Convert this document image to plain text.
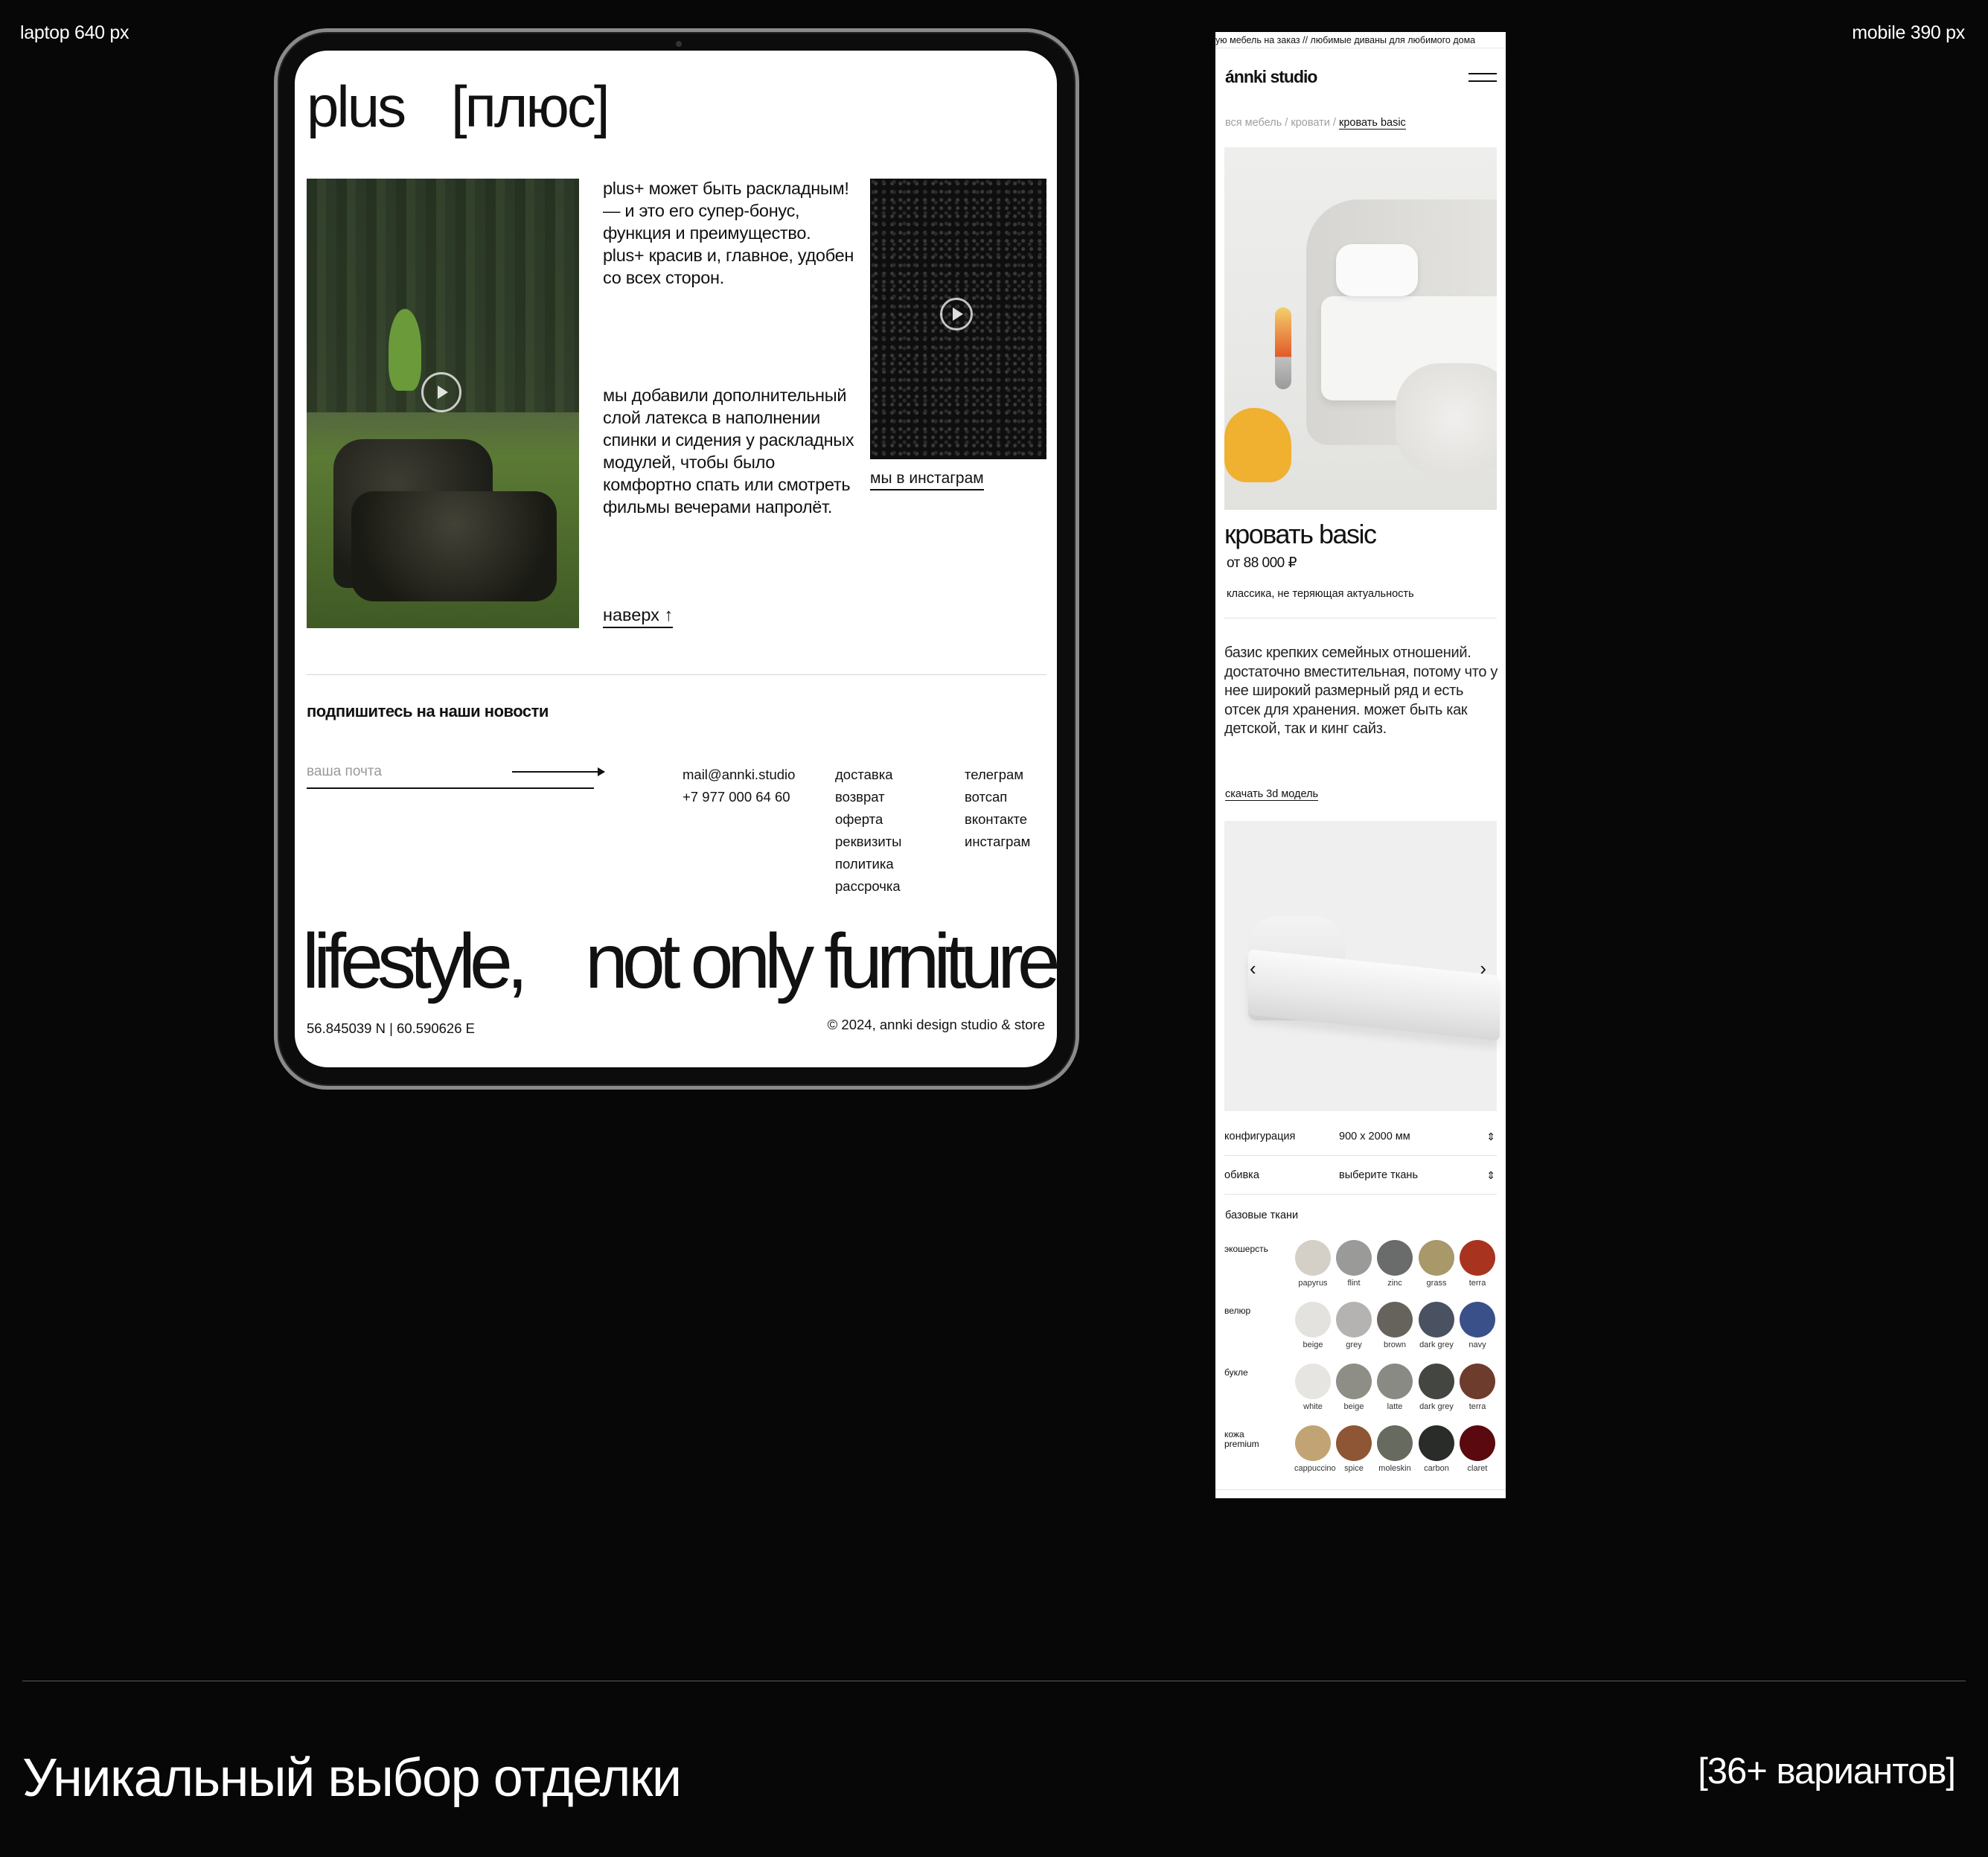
laptop 640 px	mobile 390 px
plus [плюс]
plus+ может быть раскладным! — и это его супер-бонус, функция и преимущество. plus+ красив и, главное, удобен со всех сторон.
мы добавили дополнительный слой латекса в наполнении спинки и сидения у раскладных модулей, чтобы было комфортно спать или смотреть фильмы вечерами напролёт.
наверх ↑
мы в инстаграм
подпишитесь на наши новости
ваша почта	mail@annki.studio
+7 977 000 64 60
доставка
возврат
оферта
реквизиты
политика
рассрочка
телеграм
вотсап
вконтакте
инстаграм
lifestyle, not only furniture
56.845039 N | 60.590626 E	© 2024, annki design studio & store
ую мебель на заказ // любимые диваны для любимого дома
ánnki studio
вся мебель / кровати / кровать basic
кровать basic
от 88 000 ₽
классика, не теряющая актуальность
базис крепких семейных отношений. достаточно вместительная, потому что у нее широкий размерный ряд и есть отсек для хранения. может быть как детской, так и кинг сайз.
скачать 3d модель
‹	›
конфигурация	900 х 2000 мм	⇕
обивка	выберите ткань	⇕
базовые ткани
экошерсть
papyrus	flint	zinc	grass	terra
велюр
beige	grey	brown	dark grey	navy
букле
white	beige	latte	dark grey	terra
кожа premium
cappuccino	spice	moleskin	carbon	claret
Уникальный выбор отделки	[36+ вариантов]
